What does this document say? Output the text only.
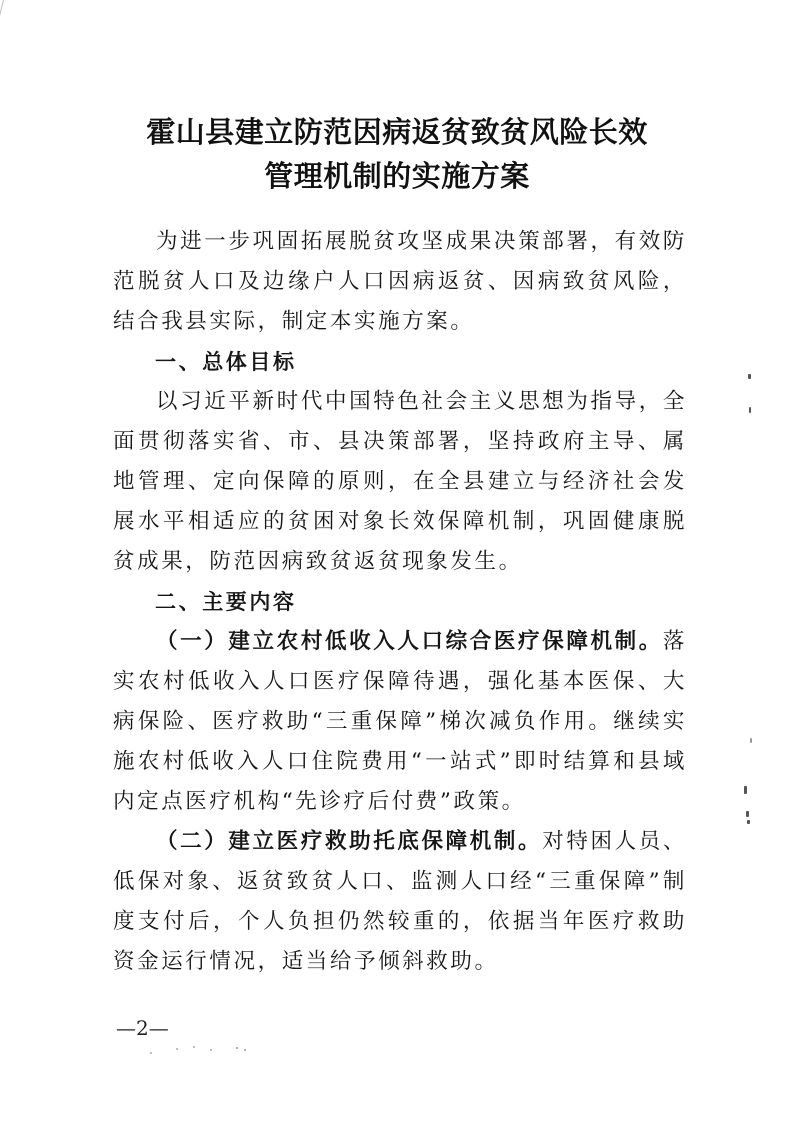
霍山县建立防范因病返贫致贫风险长效
管理机制的实施方案

为进一步巩固拓展脱贫攻坚成果决策部署，有效防范脱贫人口及边缘户人口因病返贫、因病致贫风险，结合我县实际，制定本实施方案。

一、总体目标

以习近平新时代中国特色社会主义思想为指导，全面贯彻落实省、市、县决策部署，坚持政府主导、属地管理、定向保障的原则，在全县建立与经济社会发展水平相适应的贫困对象长效保障机制，巩固健康脱贫成果，防范因病致贫返贫现象发生。

二、主要内容

（一）建立农村低收入人口综合医疗保障机制。落实农村低收入人口医疗保障待遇，强化基本医保、大病保险、医疗救助“三重保障”梯次减负作用。继续实施农村低收入人口住院费用“一站式”即时结算和县域内定点医疗机构“先诊疗后付费”政策。

（二）建立医疗救助托底保障机制。对特困人员、低保对象、返贫致贫人口、监测人口经“三重保障”制度支付后，个人负担仍然较重的，依据当年医疗救助资金运行情况，适当给予倾斜救助。

—2—
